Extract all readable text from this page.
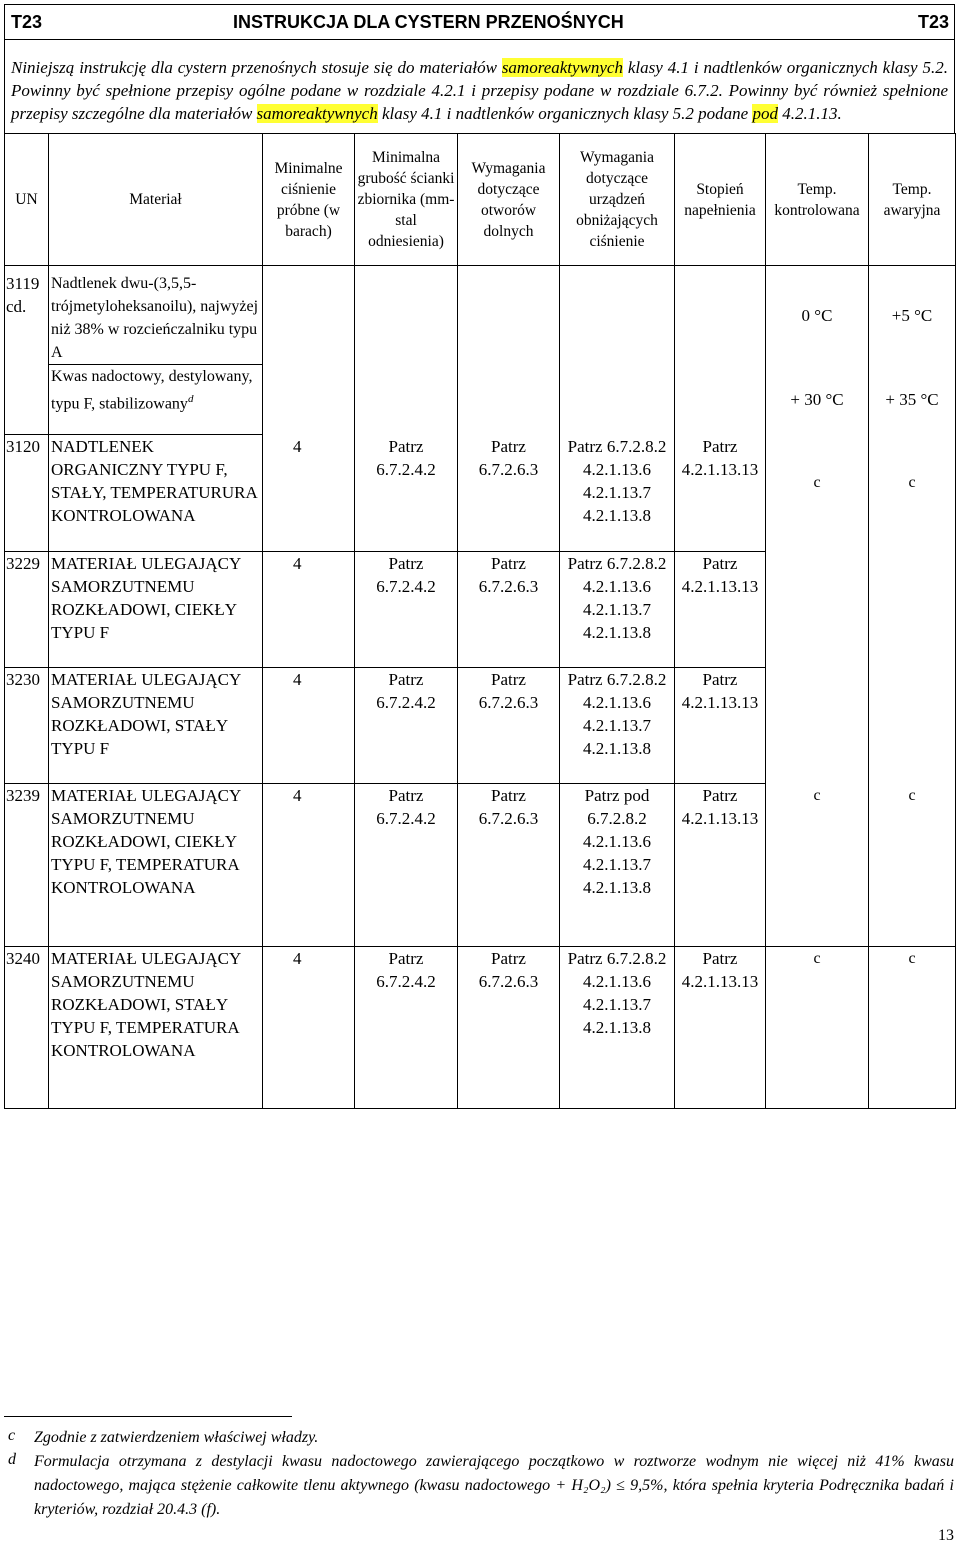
T23	INSTRUKCJA DLA CYSTERN PRZENOŚNYCH	T23
Niniejszą instrukcję dla cystern przenośnych stosuje się do materiałów samoreaktywnych klasy 4.1 i nadtlenków organicznych klasy 5.2. Powinny być spełnione przepisy ogólne podane w rozdziale 4.2.1 i przepisy podane w rozdziale 6.7.2. Powinny być również spełnione przepisy szczególne dla materiałów samoreaktywnych klasy 4.1 i nadtlenków organicznych klasy 5.2 podane pod 4.2.1.13.
UN	Materiał	Minimalne ciśnienie próbne (w barach)	Minimalna grubość ścianki zbiornika (mm-stal odniesienia)	Wymagania dotyczące otworów dolnych	Wymagania dotyczące urządzeń obniżających ciśnienie	Stopień napełnienia	Temp. kontrolowana	Temp. awaryjna
3119 cd.	Nadtlenek dwu-(3,5,5-trójmetyloheksanoilu), najwyżej niż 38% w rozcieńczalniku typu A						0 °C	+5 °C
	Kwas nadoctowy, destylowany, typu F, stabilizowany$^d$						+ 30 °C	+ 35 °C
3120	NADTLENEK ORGANICZNY TYPU F, STAŁY, TEMPERATURURA KONTROLOWANA	4	Patrz 6.7.2.4.2	Patrz 6.7.2.6.3	Patrz 6.7.2.8.2 4.2.1.13.6 4.2.1.13.7 4.2.1.13.8	Patrz 4.2.1.13.13	c	c
3229	MATERIAŁ ULEGAJĄCY SAMORZUTNEMU ROZKŁADOWI, CIEKŁY TYPU F	4	Patrz 6.7.2.4.2	Patrz 6.7.2.6.3	Patrz 6.7.2.8.2 4.2.1.13.6 4.2.1.13.7 4.2.1.13.8	Patrz 4.2.1.13.13		
3230	MATERIAŁ ULEGAJĄCY SAMORZUTNEMU ROZKŁADOWI, STAŁY TYPU F	4	Patrz 6.7.2.4.2	Patrz 6.7.2.6.3	Patrz 6.7.2.8.2 4.2.1.13.6 4.2.1.13.7 4.2.1.13.8	Patrz 4.2.1.13.13		
3239	MATERIAŁ ULEGAJĄCY SAMORZUTNEMU ROZKŁADOWI, CIEKŁY TYPU F, TEMPERATURA KONTROLOWANA	4	Patrz 6.7.2.4.2	Patrz 6.7.2.6.3	Patrz pod 6.7.2.8.2 4.2.1.13.6 4.2.1.13.7 4.2.1.13.8	Patrz 4.2.1.13.13	c	c
3240	MATERIAŁ ULEGAJĄCY SAMORZUTNEMU ROZKŁADOWI, STAŁY TYPU F, TEMPERATURA KONTROLOWANA	4	Patrz 6.7.2.4.2	Patrz 6.7.2.6.3	Patrz 6.7.2.8.2 4.2.1.13.6 4.2.1.13.7 4.2.1.13.8	Patrz 4.2.1.13.13	c	c
c Zgodnie z zatwierdzeniem właściwej władzy.
d Formulacja otrzymana z destylacji kwasu nadoctowego zawierającego początkowo w roztworze wodnym nie więcej niż 41% kwasu nadoctowego, mająca stężenie całkowite tlenu aktywnego (kwasu nadoctowego + H₂O₂) ≤ 9,5%, która spełnia kryteria Podręcznika badań i kryteriów, rozdział 20.4.3 (f).
13
